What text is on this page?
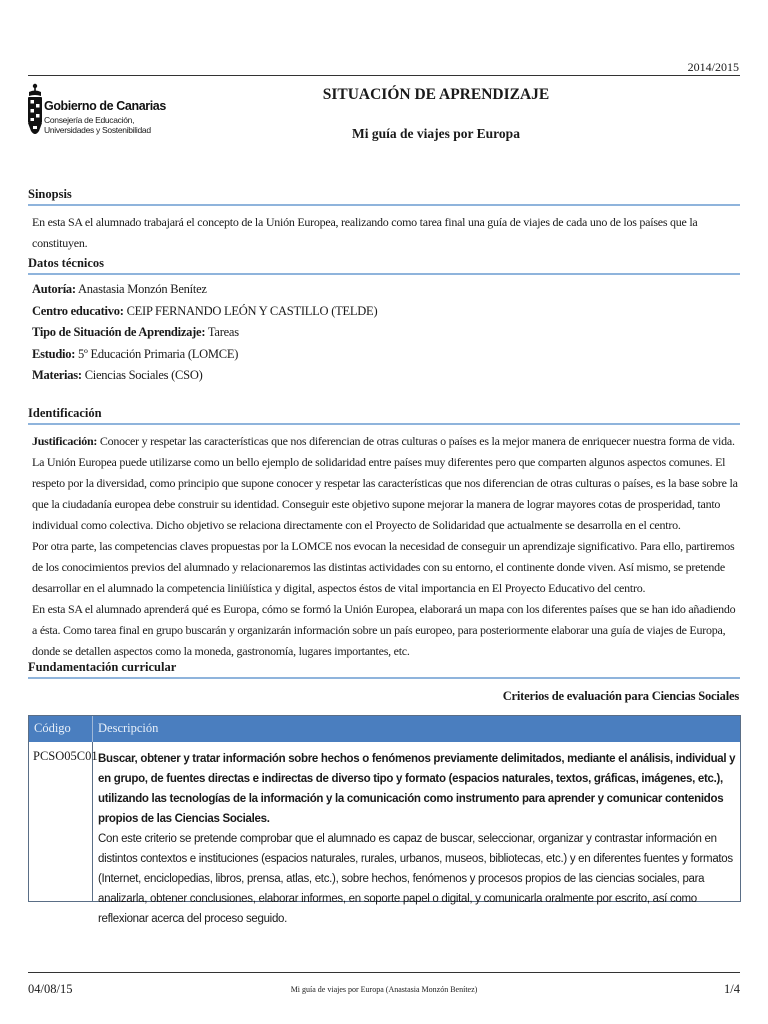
2014/2015
Gobierno de Canarias
Consejería de Educación,
Universidades y Sostenibilidad
SITUACIÓN DE APRENDIZAJE
Mi guía de viajes por Europa
Sinopsis
En esta SA el alumnado trabajará el concepto de la Unión Europea, realizando como tarea final una guía de viajes de cada uno de los países que la constituyen.
Datos técnicos
Autoría: Anastasia Monzón Benítez
Centro educativo: CEIP FERNANDO LEÓN Y CASTILLO (TELDE)
Tipo de Situación de Aprendizaje: Tareas
Estudio: 5º Educación Primaria (LOMCE)
Materias: Ciencias Sociales (CSO)
Identificación
Justificación: Conocer y respetar las características que nos diferencian de otras culturas o países es la mejor manera de enriquecer nuestra forma de vida. La Unión Europea puede utilizarse como un bello ejemplo de solidaridad entre países muy diferentes pero que comparten algunos aspectos comunes. El respeto por la diversidad, como principio que supone conocer y respetar las características que nos diferencian de otras culturas o países, es la base sobre la que la ciudadanía europea debe construir su identidad. Conseguir este objetivo supone mejorar la manera de lograr mayores cotas de prosperidad, tanto individual como colectiva. Dicho objetivo se relaciona directamente con el Proyecto de Solidaridad que actualmente se desarrolla en el centro.
Por otra parte, las competencias claves propuestas por la LOMCE nos evocan la necesidad de conseguir un aprendizaje significativo. Para ello, partiremos de los conocimientos previos del alumnado y relacionaremos las distintas actividades con su entorno, el continente donde viven. Así mismo, se pretende desarrollar en el alumnado la competencia liniüística y digital, aspectos éstos de vital importancia en El Proyecto Educativo del centro.
En esta SA el alumnado aprenderá qué es Europa, cómo se formó la Unión Europea, elaborará un mapa con los diferentes países que se han ido añadiendo a ésta. Como tarea final en grupo buscarán y organizarán información sobre un país europeo, para posteriormente elaborar una guía de viajes de Europa, donde se detallen aspectos como la moneda, gastronomía, lugares importantes, etc.
Fundamentación curricular
Criterios de evaluación para Ciencias Sociales
Código	Descripción
PCSO05C01 Buscar, obtener y tratar información sobre hechos o fenómenos previamente delimitados, mediante el análisis, individual y en grupo, de fuentes directas e indirectas de diverso tipo y formato (espacios naturales, textos, gráficas, imágenes, etc.), utilizando las tecnologías de la información y la comunicación como instrumento para aprender y comunicar contenidos propios de las Ciencias Sociales.
Con este criterio se pretende comprobar que el alumnado es capaz de buscar, seleccionar, organizar y contrastar información en distintos contextos e instituciones (espacios naturales, rurales, urbanos, museos, bibliotecas, etc.) y en diferentes fuentes y formatos (Internet, enciclopedias, libros, prensa, atlas, etc.), sobre hechos, fenómenos y procesos propios de las ciencias sociales, para analizarla, obtener conclusiones, elaborar informes, en soporte papel o digital, y comunicarla oralmente por escrito, así como reflexionar acerca del proceso seguido.
04/08/15	Mi guía de viajes por Europa (Anastasia Monzón Benítez)	1/4
